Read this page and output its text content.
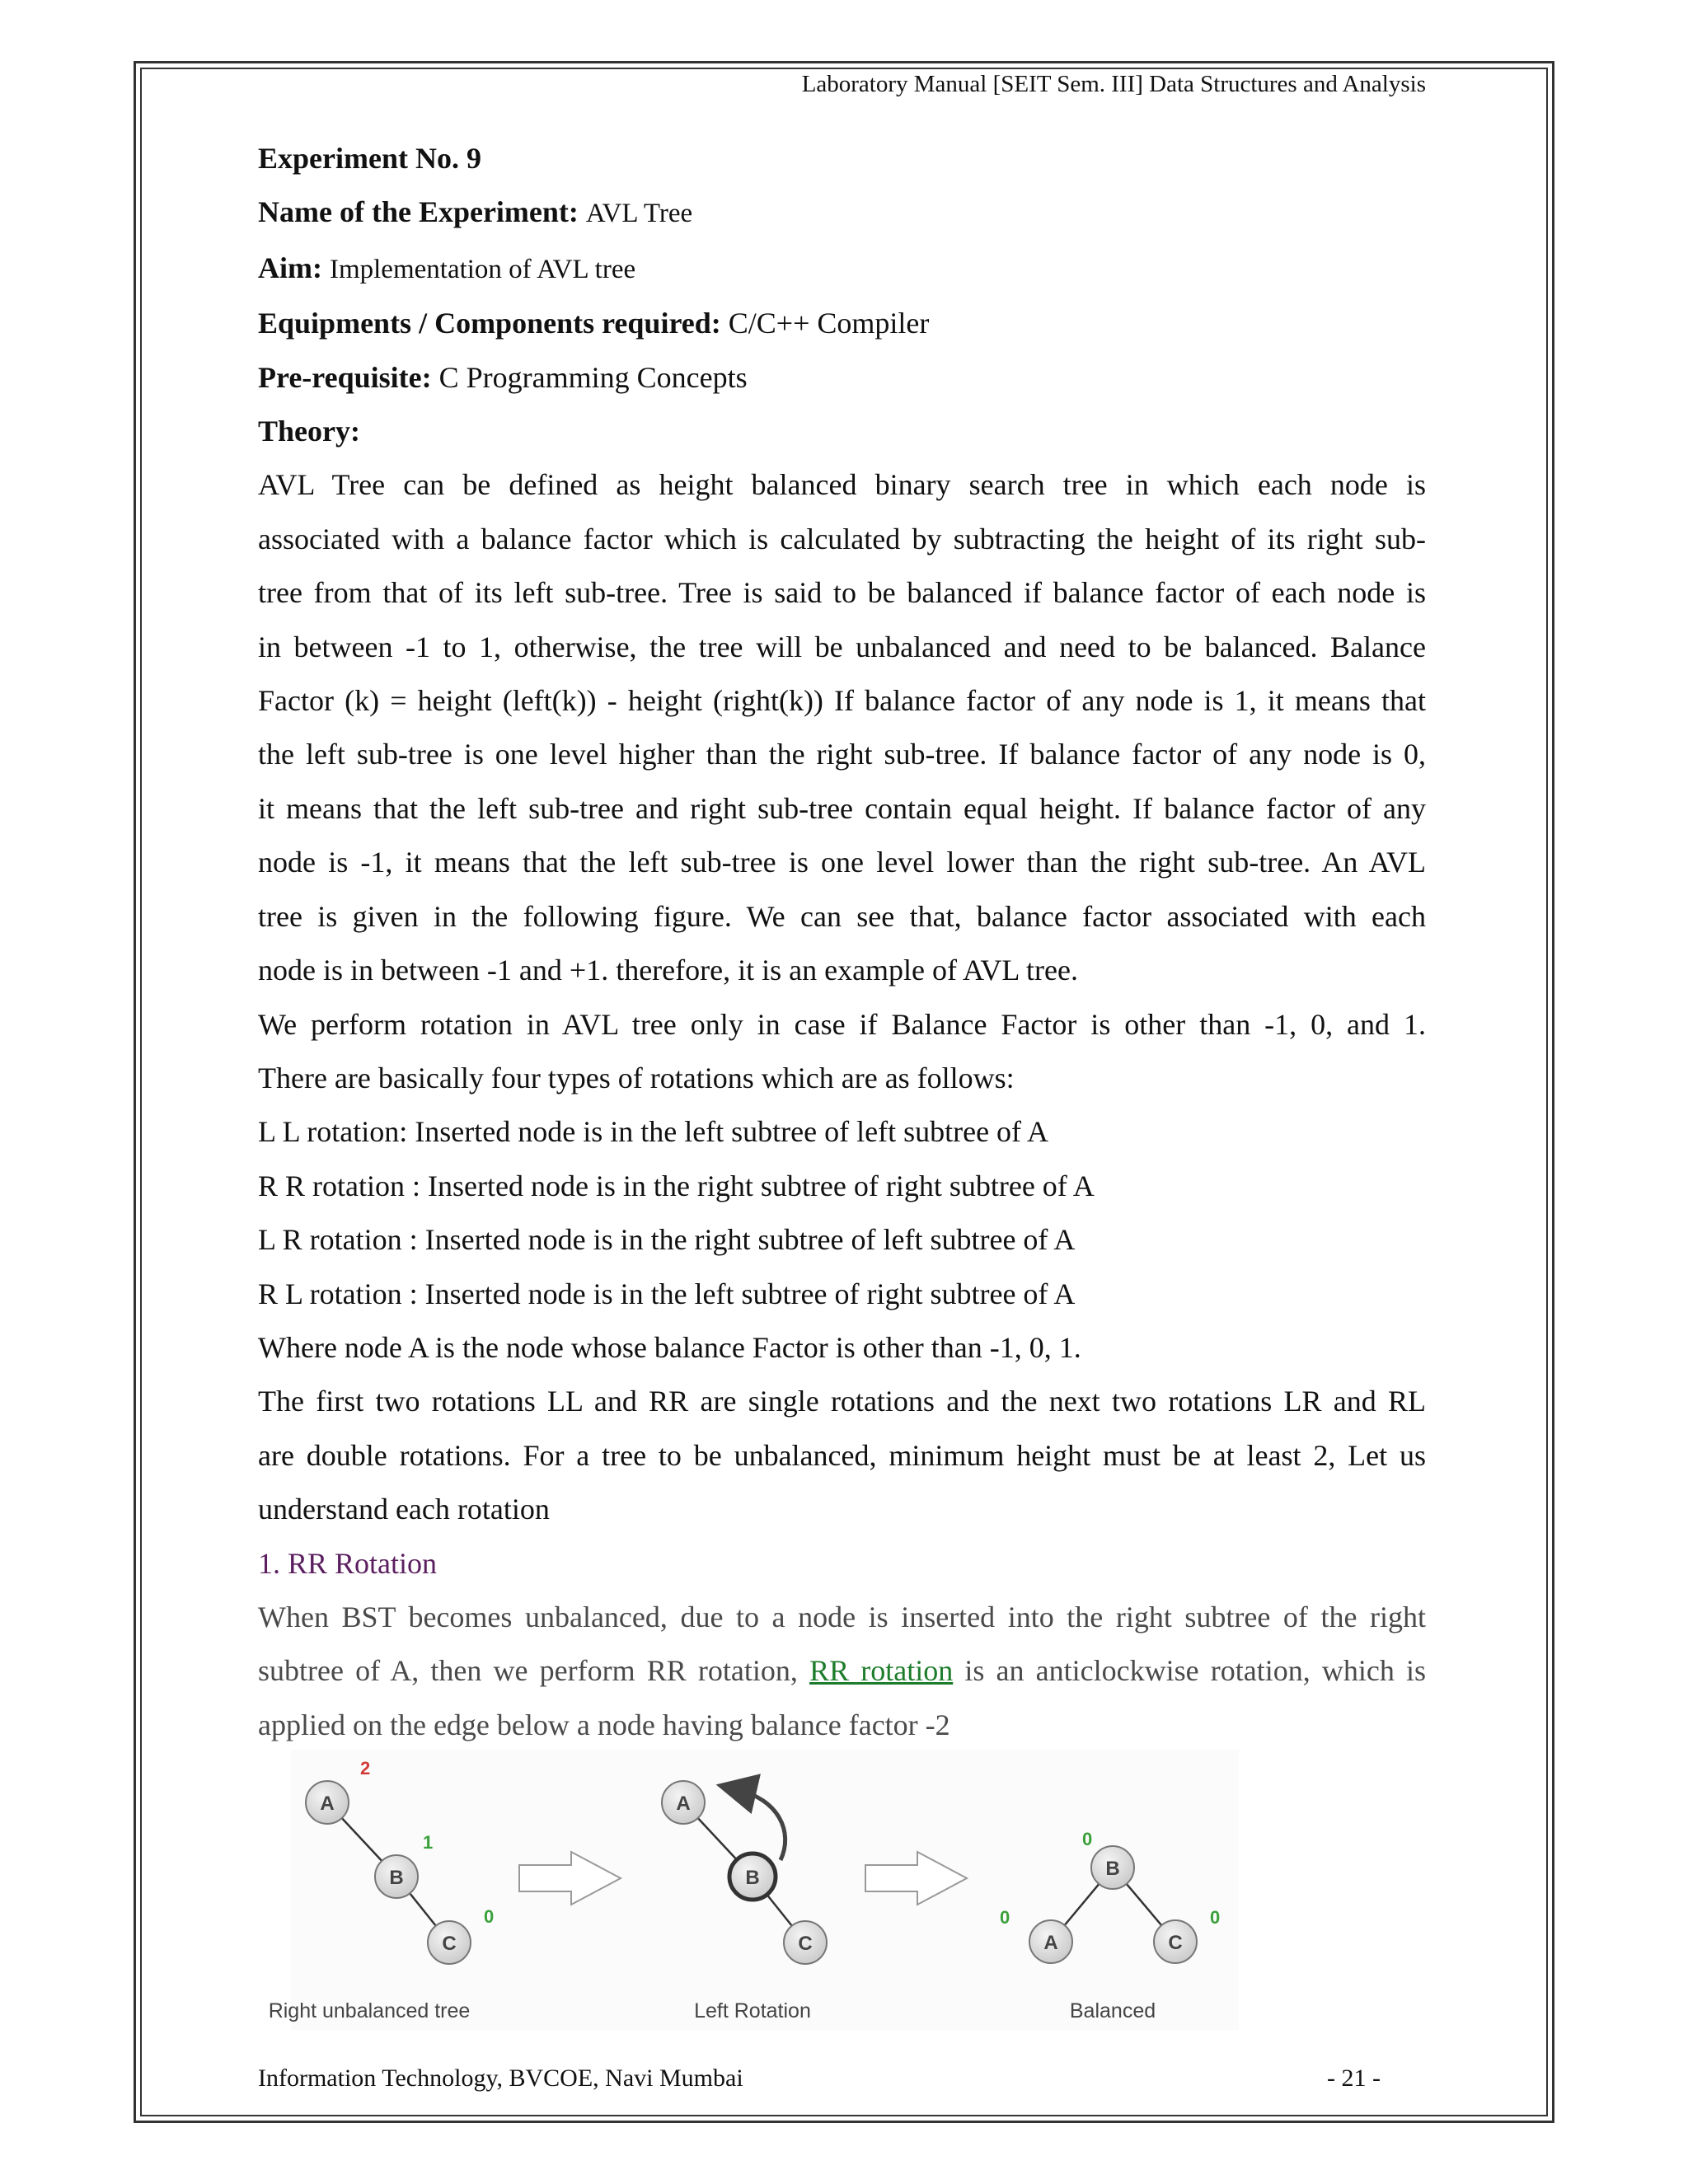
Laboratory Manual [SEIT Sem. III] Data Structures and Analysis
Experiment No. 9
Name of the Experiment: AVL Tree
Aim: Implementation of AVL tree
Equipments / Components required: C/C++ Compiler
Pre-requisite: C Programming Concepts
Theory:
AVL Tree can be defined as height balanced binary search tree in which each node is
associated with a balance factor which is calculated by subtracting the height of its right sub-
tree from that of its left sub-tree. Tree is said to be balanced if balance factor of each node is
in between -1 to 1, otherwise, the tree will be unbalanced and need to be balanced. Balance
Factor (k) = height (left(k)) - height (right(k)) If balance factor of any node is 1, it means that
the left sub-tree is one level higher than the right sub-tree. If balance factor of any node is 0,
it means that the left sub-tree and right sub-tree contain equal height. If balance factor of any
node is -1, it means that the left sub-tree is one level lower than the right sub-tree. An AVL
tree is given in the following figure. We can see that, balance factor associated with each
node is in between -1 and +1. therefore, it is an example of AVL tree.
We perform rotation in AVL tree only in case if Balance Factor is other than -1, 0, and 1.
There are basically four types of rotations which are as follows:
L L rotation: Inserted node is in the left subtree of left subtree of A
R R rotation : Inserted node is in the right subtree of right subtree of A
L R rotation : Inserted node is in the right subtree of left subtree of A
R L rotation : Inserted node is in the left subtree of right subtree of A
Where node A is the node whose balance Factor is other than -1, 0, 1.
The first two rotations LL and RR are single rotations and the next two rotations LR and RL
are double rotations. For a tree to be unbalanced, minimum height must be at least 2, Let us
understand each rotation
1. RR Rotation
When BST becomes unbalanced, due to a node is inserted into the right subtree of the right
subtree of A, then we perform RR rotation, RR rotation is an anticlockwise rotation, which is
applied on the edge below a node having balance factor -2
A
B
C
2
1
0
Right unbalanced tree
A
B
C
Left Rotation
B
A	C
0
0	0
Balanced
Information Technology, BVCOE, Navi Mumbai	- 21 -
